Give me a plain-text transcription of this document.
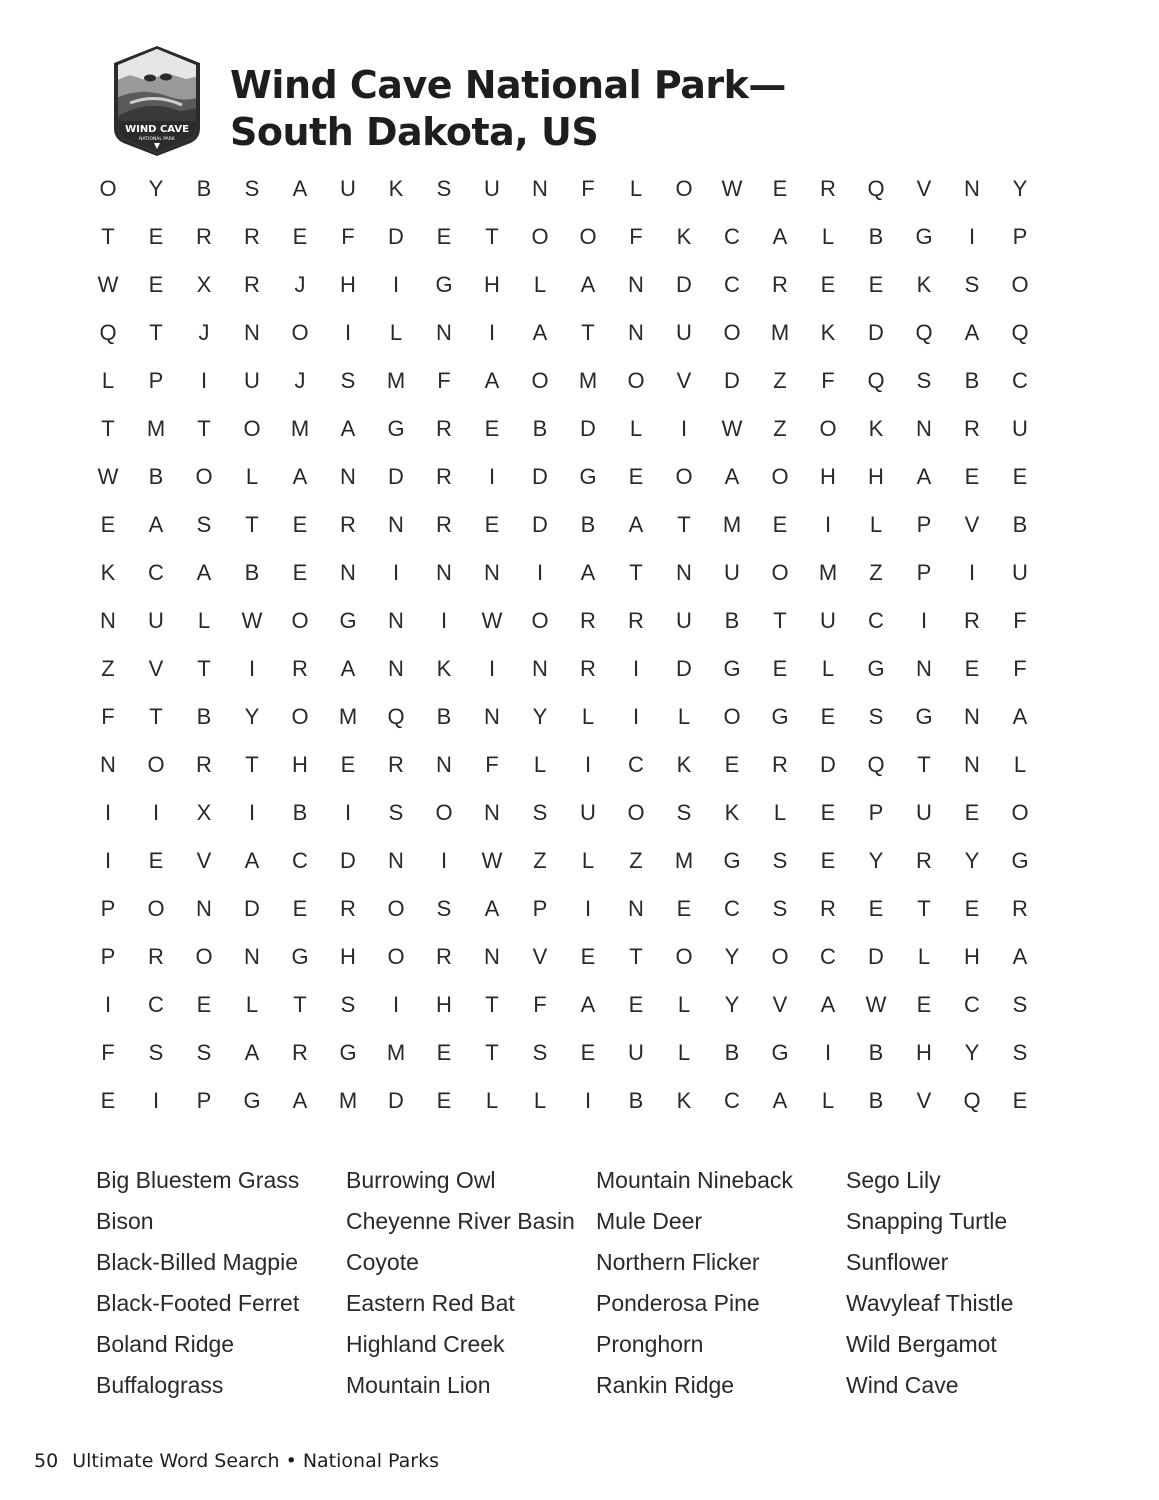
WIND CAVE
NATIONAL PARK
Wind Cave National Park—
South Dakota, US
O	Y	B	S	A	U	K	S	U	N	F	L	O	W	E	R	Q	V	N	Y
T	E	R	R	E	F	D	E	T	O	O	F	K	C	A	L	B	G	I	P
W	E	X	R	J	H	I	G	H	L	A	N	D	C	R	E	E	K	S	O
Q	T	J	N	O	I	L	N	I	A	T	N	U	O	M	K	D	Q	A	Q
L	P	I	U	J	S	M	F	A	O	M	O	V	D	Z	F	Q	S	B	C
T	M	T	O	M	A	G	R	E	B	D	L	I	W	Z	O	K	N	R	U
W	B	O	L	A	N	D	R	I	D	G	E	O	A	O	H	H	A	E	E
E	A	S	T	E	R	N	R	E	D	B	A	T	M	E	I	L	P	V	B
K	C	A	B	E	N	I	N	N	I	A	T	N	U	O	M	Z	P	I	U
N	U	L	W	O	G	N	I	W	O	R	R	U	B	T	U	C	I	R	F
Z	V	T	I	R	A	N	K	I	N	R	I	D	G	E	L	G	N	E	F
F	T	B	Y	O	M	Q	B	N	Y	L	I	L	O	G	E	S	G	N	A
N	O	R	T	H	E	R	N	F	L	I	C	K	E	R	D	Q	T	N	L
I	I	X	I	B	I	S	O	N	S	U	O	S	K	L	E	P	U	E	O
I	E	V	A	C	D	N	I	W	Z	L	Z	M	G	S	E	Y	R	Y	G
P	O	N	D	E	R	O	S	A	P	I	N	E	C	S	R	E	T	E	R
P	R	O	N	G	H	O	R	N	V	E	T	O	Y	O	C	D	L	H	A
I	C	E	L	T	S	I	H	T	F	A	E	L	Y	V	A	W	E	C	S
F	S	S	A	R	G	M	E	T	S	E	U	L	B	G	I	B	H	Y	S
E	I	P	G	A	M	D	E	L	L	I	B	K	C	A	L	B	V	Q	E
Big Bluestem Grass
Bison
Black-Billed Magpie
Black-Footed Ferret
Boland Ridge
Buffalograss
Burrowing Owl
Cheyenne River Basin
Coyote
Eastern Red Bat
Highland Creek
Mountain Lion
Mountain Nineback
Mule Deer
Northern Flicker
Ponderosa Pine
Pronghorn
Rankin Ridge
Sego Lily
Snapping Turtle
Sunflower
Wavyleaf Thistle
Wild Bergamot
Wind Cave
50 Ultimate Word Search • National Parks
